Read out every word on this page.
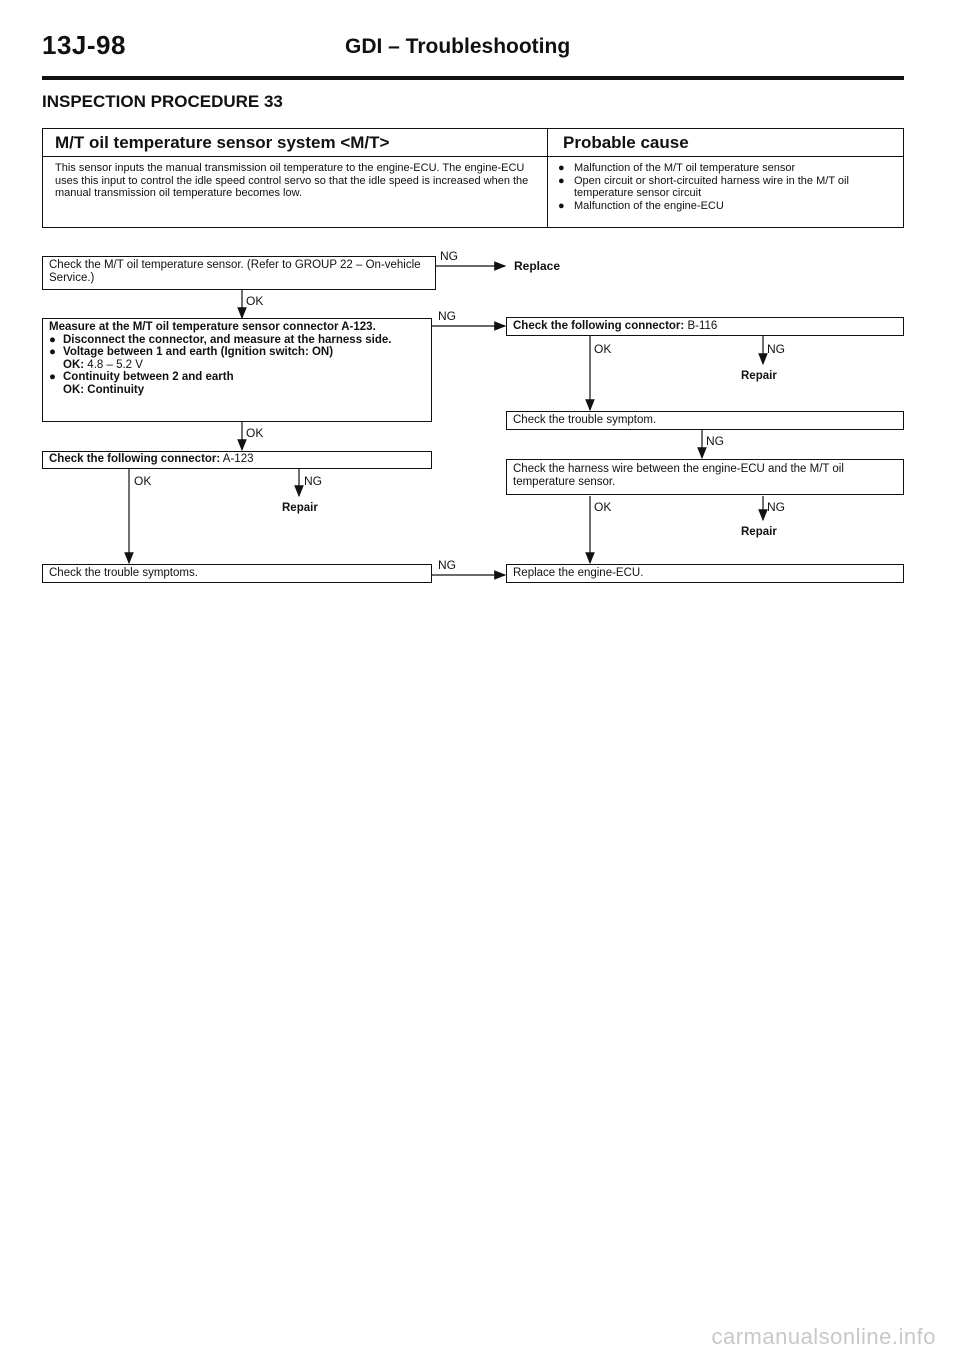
13J-98	GDI – Troubleshooting
INSPECTION PROCEDURE 33
M/T oil temperature sensor system <M/T>	Probable cause
This sensor inputs the manual transmission oil temperature to the engine-ECU. The engine-ECU uses this input to control the idle speed control servo so that the idle speed is increased when the manual transmission oil temperature becomes low.
● Malfunction of the M/T oil temperature sensor
● Open circuit or short-circuited harness wire in the M/T oil temperature sensor circuit
● Malfunction of the engine-ECU
NG
OK
NG
OK
OK	NG
Repair
NG
OK	NG
Repair
NG
OK	NG
Repair
Check the M/T oil temperature sensor. (Refer to GROUP 22 – On-vehicle Service.)
Replace
Measure at the M/T oil temperature sensor connector A-123.
● Disconnect the connector, and measure at the harness side.
● Voltage between 1 and earth (Ignition switch: ON)
OK: 4.8 – 5.2 V
● Continuity between 2 and earth
OK: Continuity
Check the following connector: A-123
Check the trouble symptoms.
Check the following connector: B-116
Check the trouble symptom.
Check the harness wire between the engine-ECU and the M/T oil temperature sensor.
Replace the engine-ECU.
carmanualsonline.info
